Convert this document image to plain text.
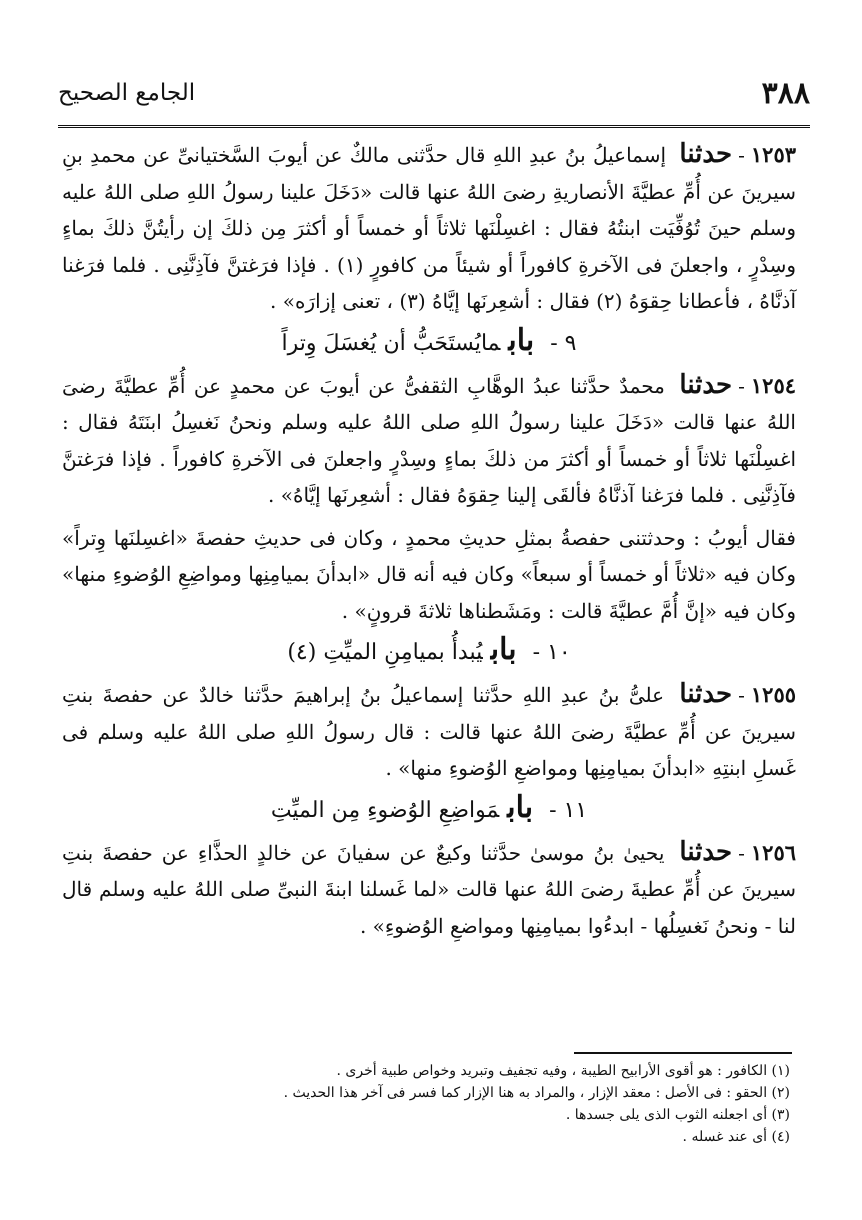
٣٨٨
الجامع الصحيح

١٢٥٣-حدثنا إسماعيلُ بنُ عبدِ اللهِ قال حدَّثنى مالكٌ عن أيوبَ السَّختيانىِّ عن محمدِ بنِ سيرينَ عن أُمِّ عطيَّةَ الأنصاريةِ رضىَ اللهُ عنها قالت «دَخَلَ علينا رسولُ اللهِ صلى اللهُ عليه وسلم حينَ تُوُفِّيَت ابنتُهُ فقال : اغسِلْنَها ثلاثاً أو خمساً أو أكثرَ مِن ذلكَ إن رأيتُنَّ ذلكَ بماءٍ وسِدْرٍ ، واجعلنَ فى الآخرةِ كافوراً أو شيئاً من كافورٍ (١) . فإذا فرَغتنَّ فآذِنَّنِى . فلما فرَغنا آذنَّاهُ ، فأعطانا حِقوَهُ (٢) فقال : أشعِرنَها إيَّاهُ (٣) ، تعنى إزارَه» .

٩ -بابمايُستَحَبُّ أن يُغسَلَ وِتراً

١٢٥٤-حدثنا محمدٌ حدَّثنا عبدُ الوهَّابِ الثقفىُّ عن أيوبَ عن محمدٍ عن أُمِّ عطيَّةَ رضىَ اللهُ عنها قالت «دَخَلَ علينا رسولُ اللهِ صلى اللهُ عليه وسلم ونحنُ نَغسِلُ ابنَتَهُ فقال : اغسِلْنَها ثلاثاً أو خمساً أو أكثرَ من ذلكَ بماءٍ وسِدْرٍ واجعلنَ فى الآخرةِ كافوراً . فإذا فرَغتنَّ فآذِنَّنِى . فلما فرَغنا آذنَّاهُ فألقَى إلينا حِقوَهُ فقال : أشعِرنَها إيَّاهُ» .

فقال أيوبُ : وحدثتنى حفصةُ بمثلِ حديثِ محمدٍ ، وكان فى حديثِ حفصةَ «اغسِلنَها وِتراً» وكان فيه «ثلاثاً أو خمساً أو سبعاً» وكان فيه أنه قال «ابدأنَ بميامِنِها ومواضِعِ الوُضوءِ منها» وكان فيه «إنَّ أُمَّ عطيَّةَ قالت : ومَشَطناها ثلاثةَ قرونٍ» .

١٠ -بابيُبدأُ بميامِنِ الميِّتِ (٤)

١٢٥٥-حدثنا علىُّ بنُ عبدِ اللهِ حدَّثنا إسماعيلُ بنُ إبراهيمَ حدَّثنا خالدٌ عن حفصةَ بنتِ سيرينَ عن أُمِّ عطيَّةَ رضىَ اللهُ عنها قالت : قال رسولُ اللهِ صلى اللهُ عليه وسلم فى غَسلِ ابنتِهِ «ابدأنَ بميامِنِها ومواضعِ الوُضوءِ منها» .

١١ -بابمَواضِعِ الوُضوءِ مِن الميِّتِ

١٢٥٦-حدثنا يحيىٰ بنُ موسىٰ حدَّثنا وكيعٌ عن سفيانَ عن خالدٍ الحذَّاءِ عن حفصةَ بنتِ سيرينَ عن أُمِّ عطيةَ رضىَ اللهُ عنها قالت «لما غَسلنا ابنةَ النبىِّ صلى اللهُ عليه وسلم قال لنا - ونحنُ نَغسِلُها - ابدءُوا بميامِنِها ومواضعِ الوُضوءِ» .

(١) الكافور : هو أقوى الأرابيح الطيبة ، وفيه تجفيف وتبريد وخواص طبية أخرى .
(٢) الحقو : فى الأصل : معقد الإزار ، والمراد به هنا الإزار كما فسر فى آخر هذا الحديث .
(٣) أى اجعلنه الثوب الذى يلى جسدها .
(٤) أى عند غسله .
